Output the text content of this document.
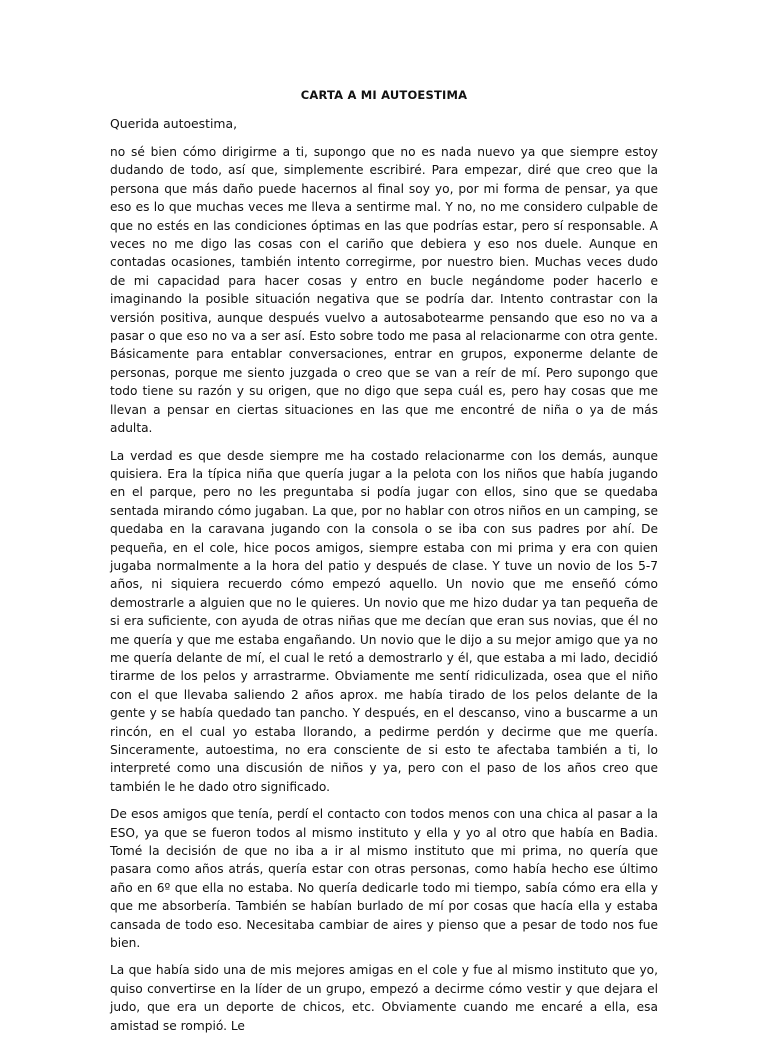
CARTA A MI AUTOESTIMA
Querida autoestima,

no sé bien cómo dirigirme a ti, supongo que no es nada nuevo ya que siempre estoy dudando de todo, así que, simplemente escribiré. Para empezar, diré que creo que la persona que más daño puede hacernos al final soy yo, por mi forma de pensar, ya que eso es lo que muchas veces me lleva a sentirme mal. Y no, no me considero culpable de que no estés en las condiciones óptimas en las que podrías estar, pero sí responsable. A veces no me digo las cosas con el cariño que debiera y eso nos duele. Aunque en contadas ocasiones, también intento corregirme, por nuestro bien. Muchas veces dudo de mi capacidad para hacer cosas y entro en bucle negándome poder hacerlo e imaginando la posible situación negativa que se podría dar. Intento contrastar con la versión positiva, aunque después vuelvo a autosabotearme pensando que eso no va a pasar o que eso no va a ser así. Esto sobre todo me pasa al relacionarme con otra gente. Básicamente para entablar conversaciones, entrar en grupos, exponerme delante de personas, porque me siento juzgada o creo que se van a reír de mí. Pero supongo que todo tiene su razón y su origen, que no digo que sepa cuál es, pero hay cosas que me llevan a pensar en ciertas situaciones en las que me encontré de niña o ya de más adulta.

La verdad es que desde siempre me ha costado relacionarme con los demás, aunque quisiera. Era la típica niña que quería jugar a la pelota con los niños que había jugando en el parque, pero no les preguntaba si podía jugar con ellos, sino que se quedaba sentada mirando cómo jugaban. La que, por no hablar con otros niños en un camping, se quedaba en la caravana jugando con la consola o se iba con sus padres por ahí. De pequeña, en el cole, hice pocos amigos, siempre estaba con mi prima y era con quien jugaba normalmente a la hora del patio y después de clase. Y tuve un novio de los 5-7 años, ni siquiera recuerdo cómo empezó aquello. Un novio que me enseñó cómo demostrarle a alguien que no le quieres. Un novio que me hizo dudar ya tan pequeña de si era suficiente, con ayuda de otras niñas que me decían que eran sus novias, que él no me quería y que me estaba engañando. Un novio que le dijo a su mejor amigo que ya no me quería delante de mí, el cual le retó a demostrarlo y él, que estaba a mi lado, decidió tirarme de los pelos y arrastrarme. Obviamente me sentí ridiculizada, osea que el niño con el que llevaba saliendo 2 años aprox. me había tirado de los pelos delante de la gente y se había quedado tan pancho. Y después, en el descanso, vino a buscarme a un rincón, en el cual yo estaba llorando, a pedirme perdón y decirme que me quería. Sinceramente, autoestima, no era consciente de si esto te afectaba también a ti, lo interpreté como una discusión de niños y ya, pero con el paso de los años creo que también le he dado otro significado.

De esos amigos que tenía, perdí el contacto con todos menos con una chica al pasar a la ESO, ya que se fueron todos al mismo instituto y ella y yo al otro que había en Badia. Tomé la decisión de que no iba a ir al mismo instituto que mi prima, no quería que pasara como años atrás, quería estar con otras personas, como había hecho ese último año en 6º que ella no estaba. No quería dedicarle todo mi tiempo, sabía cómo era ella y que me absorbería. También se habían burlado de mí por cosas que hacía ella y estaba cansada de todo eso. Necesitaba cambiar de aires y pienso que a pesar de todo nos fue bien.

La que había sido una de mis mejores amigas en el cole y fue al mismo instituto que yo, quiso convertirse en la líder de un grupo, empezó a decirme cómo vestir y que dejara el judo, que era un deporte de chicos, etc. Obviamente cuando me encaré a ella, esa amistad se rompió. Le
